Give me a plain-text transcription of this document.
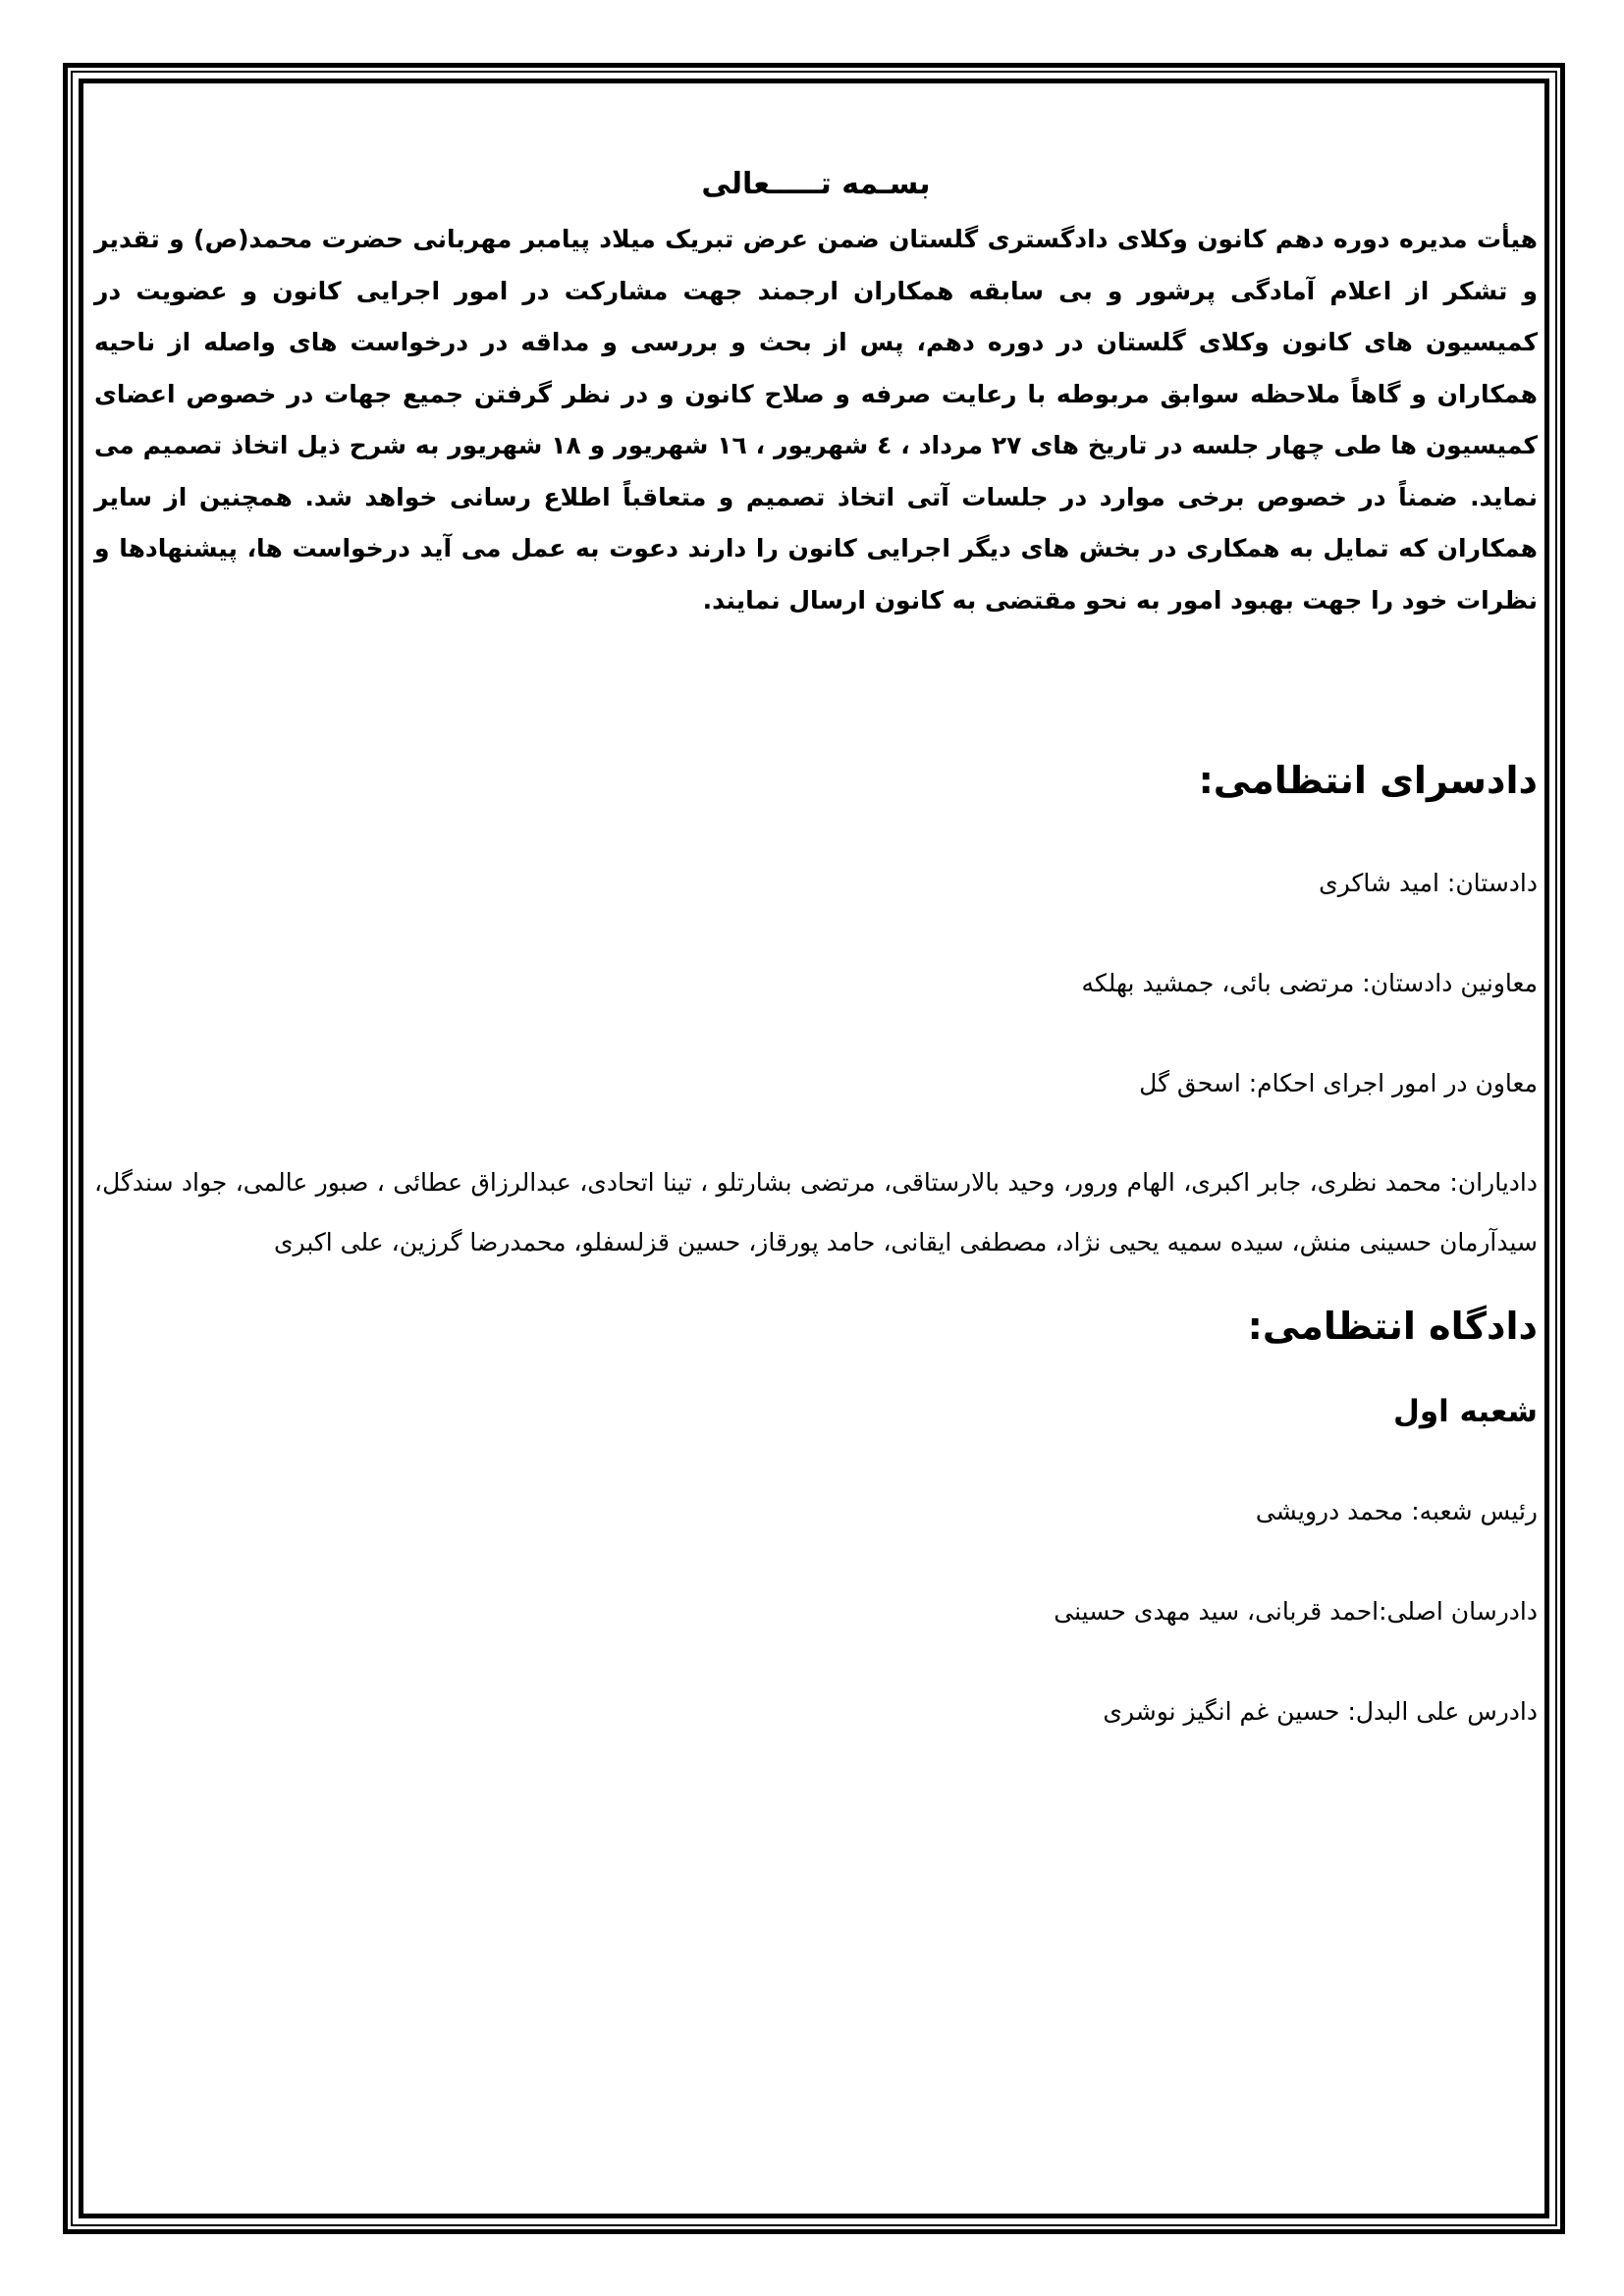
بسـمه تـــــعالی

هیأت مدیره دوره دهم کانون وکلای دادگستری گلستان ضمن عرض تبریک میلاد پیامبر مهربانی حضرت محمد(ص) و تقدیر و تشکر از اعلام آمادگی پرشور و بی سابقه همکاران ارجمند جهت مشارکت در امور اجرایی کانون و عضویت در کمیسیون های کانون وکلای گلستان در دوره دهم، پس از بحث و بررسی و مداقه در درخواست های واصله از ناحیه همکاران و گاهاً ملاحظه سوابق مربوطه با رعایت صرفه و صلاح کانون و در نظر گرفتن جمیع جهات در خصوص اعضای کمیسیون ها طی چهار جلسه در تاریخ های ۲۷ مرداد ، ٤ شهریور ، ١٦ شهریور و ١٨ شهریور به شرح ذیل اتخاذ تصمیم می نماید. ضمناً در خصوص برخی موارد در جلسات آتی اتخاذ تصمیم و متعاقباً اطلاع رسانی خواهد شد. همچنین از سایر همکاران که تمایل به همکاری در بخش های دیگر اجرایی کانون را دارند دعوت به عمل می آید درخواست ها، پیشنهادها و نظرات خود را جهت بهبود امور به نحو مقتضی به کانون ارسال نمایند.

دادسرای انتظامی:

دادستان: امید شاکری

معاونین دادستان: مرتضی بائی، جمشید بهلکه

معاون در امور اجرای احکام: اسحق گل

دادیاران: محمد نظری، جابر اکبری، الهام ورور، وحید بالارستاقی، مرتضی بشارتلو ، تینا اتحادی، عبدالرزاق عطائی ، صبور عالمی، جواد سندگل، سیدآرمان حسینی منش، سیده سمیه یحیی نژاد، مصطفی ایقانی، حامد پورقاز، حسین قزلسفلو، محمدرضا گرزین، علی اکبری

دادگاه انتظامی:
شعبه اول

رئیس شعبه: محمد درویشی

دادرسان اصلی:احمد قربانی، سید مهدی حسینی

دادرس علی البدل: حسین غم انگیز نوشری
